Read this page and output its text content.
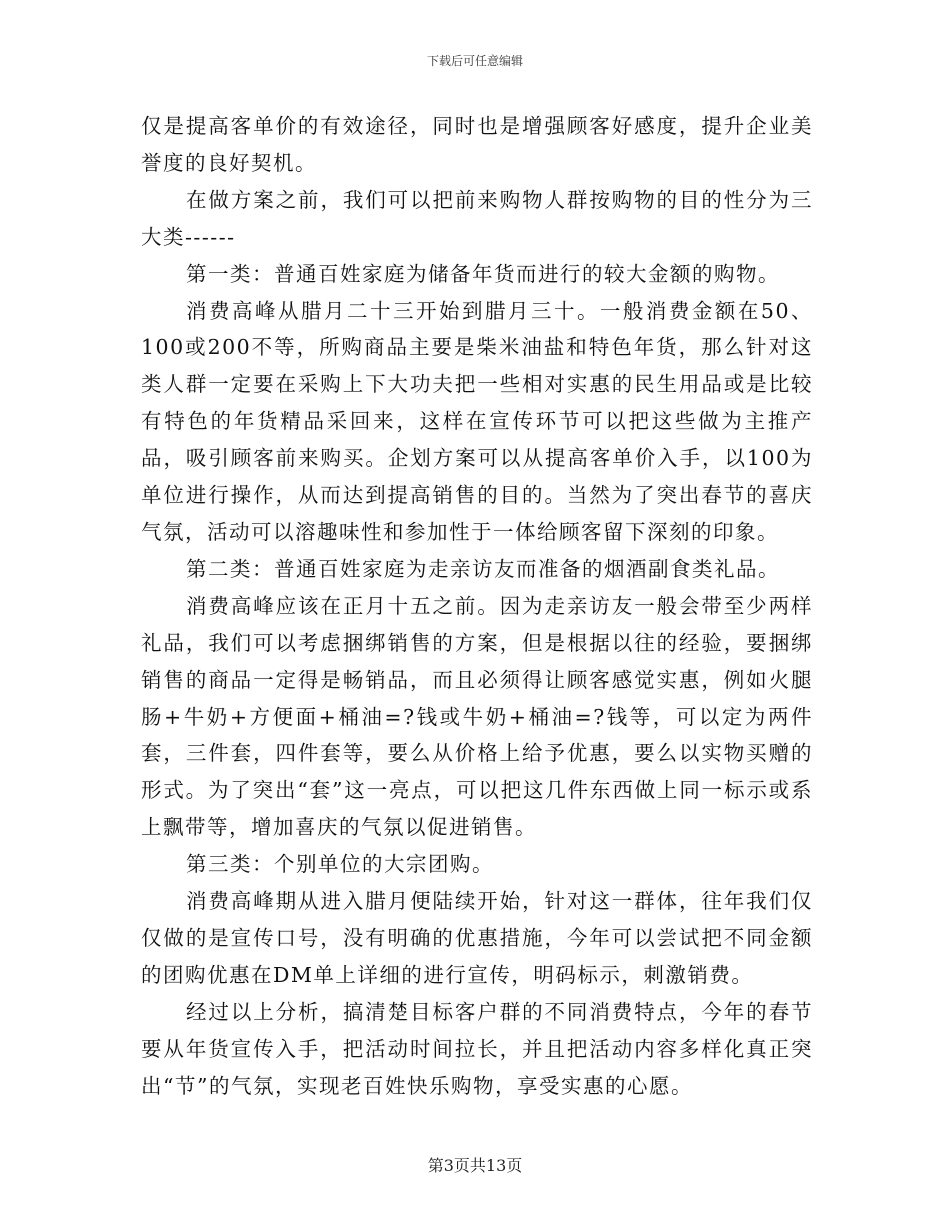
下载后可任意编辑

仅是提高客单价的有效途径，同时也是增强顾客好感度，提升企业美誉度的良好契机。

在做方案之前，我们可以把前来购物人群按购物的目的性分为三大类------

第一类：普通百姓家庭为储备年货而进行的较大金额的购物。

消费高峰从腊月二十三开始到腊月三十。一般消费金额在50、100或200不等，所购商品主要是柴米油盐和特色年货，那么针对这类人群一定要在采购上下大功夫把一些相对实惠的民生用品或是比较有特色的年货精品采回来，这样在宣传环节可以把这些做为主推产品，吸引顾客前来购买。企划方案可以从提高客单价入手，以100为单位进行操作，从而达到提高销售的目的。当然为了突出春节的喜庆气氛，活动可以溶趣味性和参加性于一体给顾客留下深刻的印象。

第二类：普通百姓家庭为走亲访友而准备的烟酒副食类礼品。

消费高峰应该在正月十五之前。因为走亲访友一般会带至少两样礼品，我们可以考虑捆绑销售的方案，但是根据以往的经验，要捆绑销售的商品一定得是畅销品，而且必须得让顾客感觉实惠，例如火腿肠+牛奶+方便面+桶油=?钱或牛奶+桶油=?钱等，可以定为两件套，三件套，四件套等，要么从价格上给予优惠，要么以实物买赠的形式。为了突出“套”这一亮点，可以把这几件东西做上同一标示或系上飘带等，增加喜庆的气氛以促进销售。

第三类：个别单位的大宗团购。

消费高峰期从进入腊月便陆续开始，针对这一群体，往年我们仅仅做的是宣传口号，没有明确的优惠措施，今年可以尝试把不同金额的团购优惠在DM单上详细的进行宣传，明码标示，刺激销费。

经过以上分析，搞清楚目标客户群的不同消费特点，今年的春节要从年货宣传入手，把活动时间拉长，并且把活动内容多样化真正突出“节”的气氛，实现老百姓快乐购物，享受实惠的心愿。

第3页共13页
